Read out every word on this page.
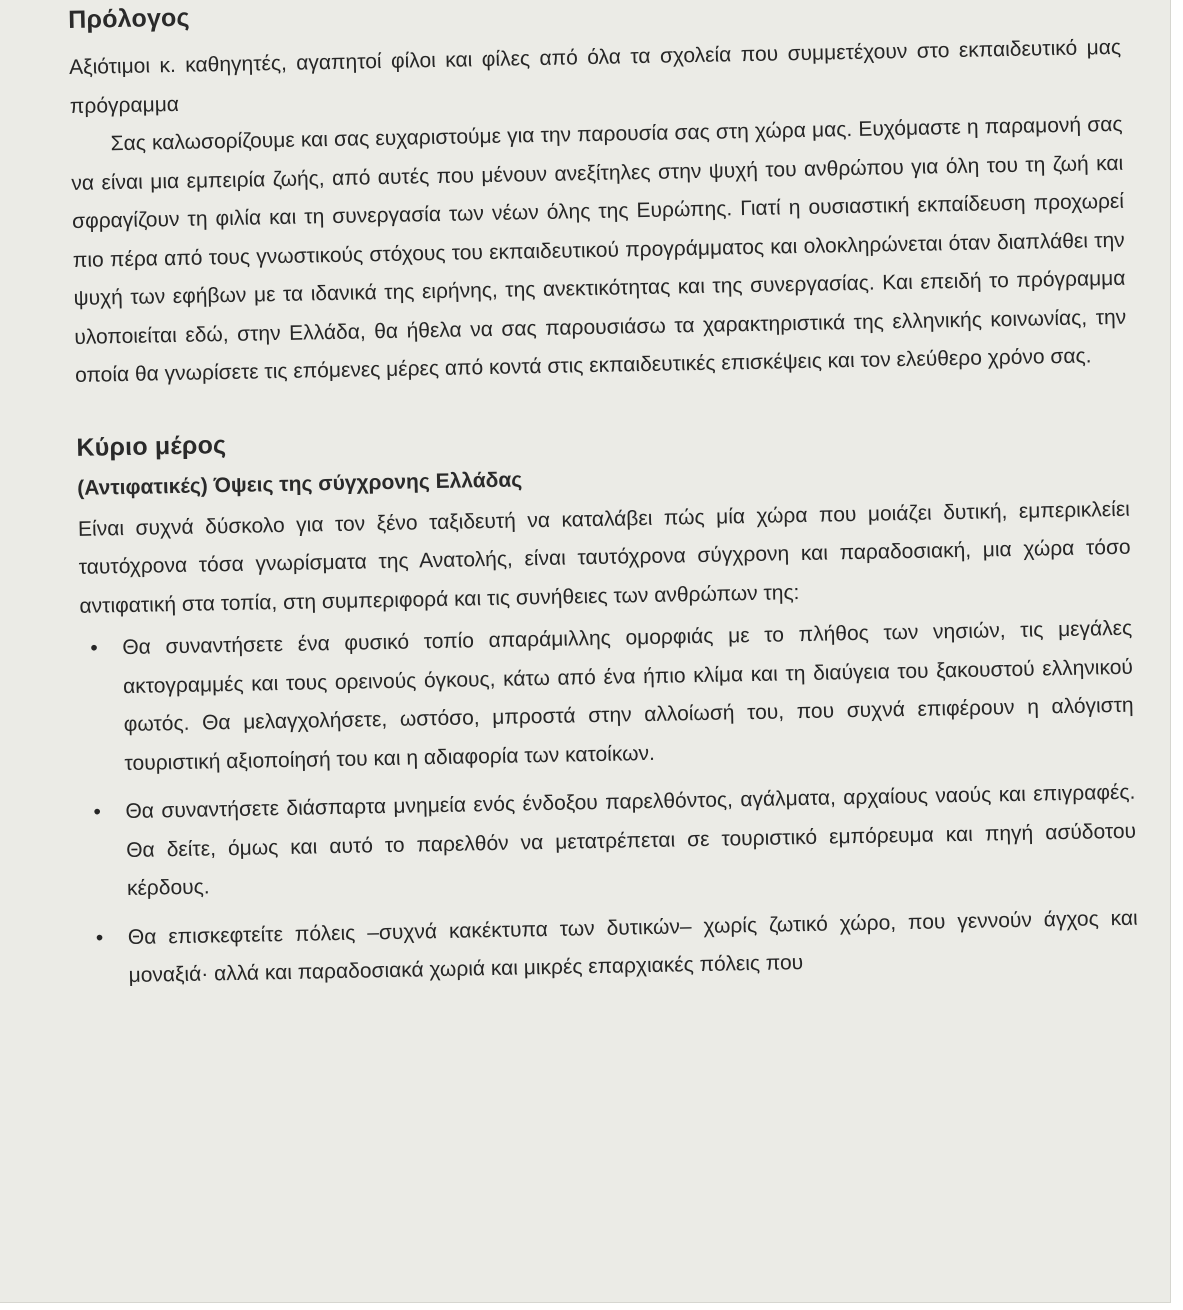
Πρόλογος

Αξιότιμοι κ. καθηγητές, αγαπητοί φίλοι και φίλες από όλα τα σχολεία που συμμετέχουν στο εκπαιδευτικό μας πρόγραμμα

Σας καλωσορίζουμε και σας ευχαριστούμε για την παρουσία σας στη χώρα μας. Ευχόμαστε η παραμονή σας να είναι μια εμπειρία ζωής, από αυτές που μένουν ανεξίτηλες στην ψυχή του ανθρώπου για όλη του τη ζωή και σφραγίζουν τη φιλία και τη συνεργασία των νέων όλης της Ευρώπης. Γιατί η ουσιαστική εκπαίδευση προχωρεί πιο πέρα από τους γνωστικούς στόχους του εκπαιδευτικού προγράμματος και ολοκληρώνεται όταν διαπλάθει την ψυχή των εφήβων με τα ιδανικά της ειρήνης, της ανεκτικότητας και της συνεργασίας. Και επειδή το πρόγραμμα υλοποιείται εδώ, στην Ελλάδα, θα ήθελα να σας παρουσιάσω τα χαρακτηριστικά της ελληνικής κοινωνίας, την οποία θα γνωρίσετε τις επόμενες μέρες από κοντά στις εκπαιδευτικές επισκέψεις και τον ελεύθερο χρόνο σας.

Κύριο μέρος
(Αντιφατικές) Όψεις της σύγχρονης Ελλάδας

Είναι συχνά δύσκολο για τον ξένο ταξιδευτή να καταλάβει πώς μία χώρα που μοιάζει δυτική, εμπερικλείει ταυτόχρονα τόσα γνωρίσματα της Ανατολής, είναι ταυτόχρονα σύγχρονη και παραδοσιακή, μια χώρα τόσο αντιφατική στα τοπία, στη συμπεριφορά και τις συνήθειες των ανθρώπων της:

• Θα συναντήσετε ένα φυσικό τοπίο απαράμιλλης ομορφιάς με το πλήθος των νησιών, τις μεγάλες ακτογραμμές και τους ορεινούς όγκους, κάτω από ένα ήπιο κλίμα και τη διαύγεια του ξακουστού ελληνικού φωτός. Θα μελαγχολήσετε, ωστόσο, μπροστά στην αλλοίωσή του, που συχνά επιφέρουν η αλόγιστη τουριστική αξιοποίησή του και η αδιαφορία των κατοίκων.
• Θα συναντήσετε διάσπαρτα μνημεία ενός ένδοξου παρελθόντος, αγάλματα, αρχαίους ναούς και επιγραφές. Θα δείτε, όμως και αυτό το παρελθόν να μετατρέπεται σε τουριστικό εμπόρευμα και πηγή ασύδοτου κέρδους.
• Θα επισκεφτείτε πόλεις –συχνά κακέκτυπα των δυτικών– χωρίς ζωτικό χώρο, που γεννούν άγχος και μοναξιά· αλλά και παραδοσιακά χωριά και μικρές επαρχιακές πόλεις που
